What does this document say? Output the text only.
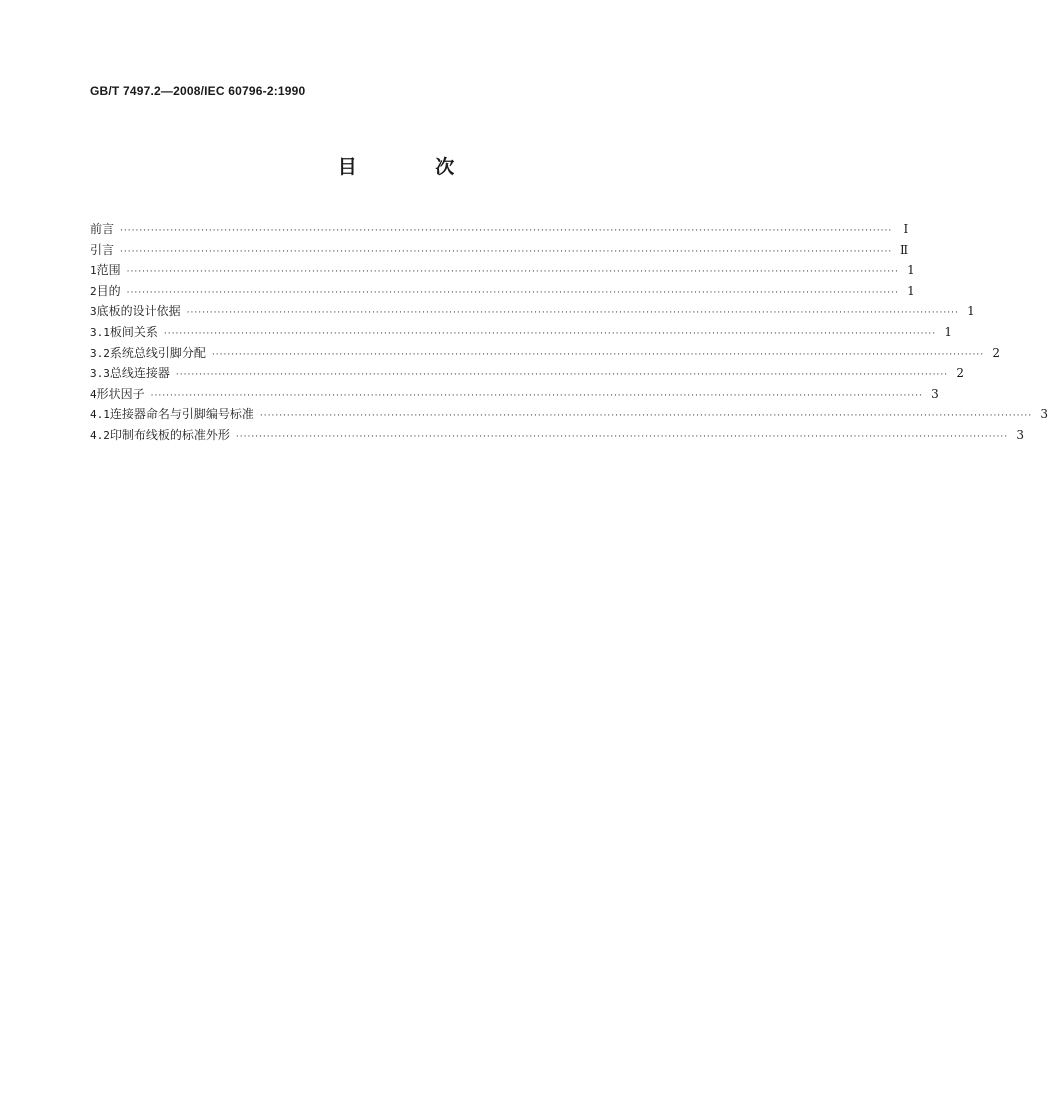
GB/T 7497.2—2008/IEC 60796-2:1990
目 次
前言 ········································································································································································································ Ⅰ
引言 ········································································································································································································ Ⅱ
1 范围 ········································································································································································································ 1
2 目的 ········································································································································································································ 1
3 底板的设计依据 ········································································································································································································ 1
3.1 板间关系 ········································································································································································································ 1
3.2 系统总线引脚分配 ········································································································································································································ 2
3.3 总线连接器 ········································································································································································································ 2
4 形状因子 ········································································································································································································ 3
4.1 连接器命名与引脚编号标准 ········································································································································································································ 3
4.2 印制布线板的标准外形 ········································································································································································································ 3
